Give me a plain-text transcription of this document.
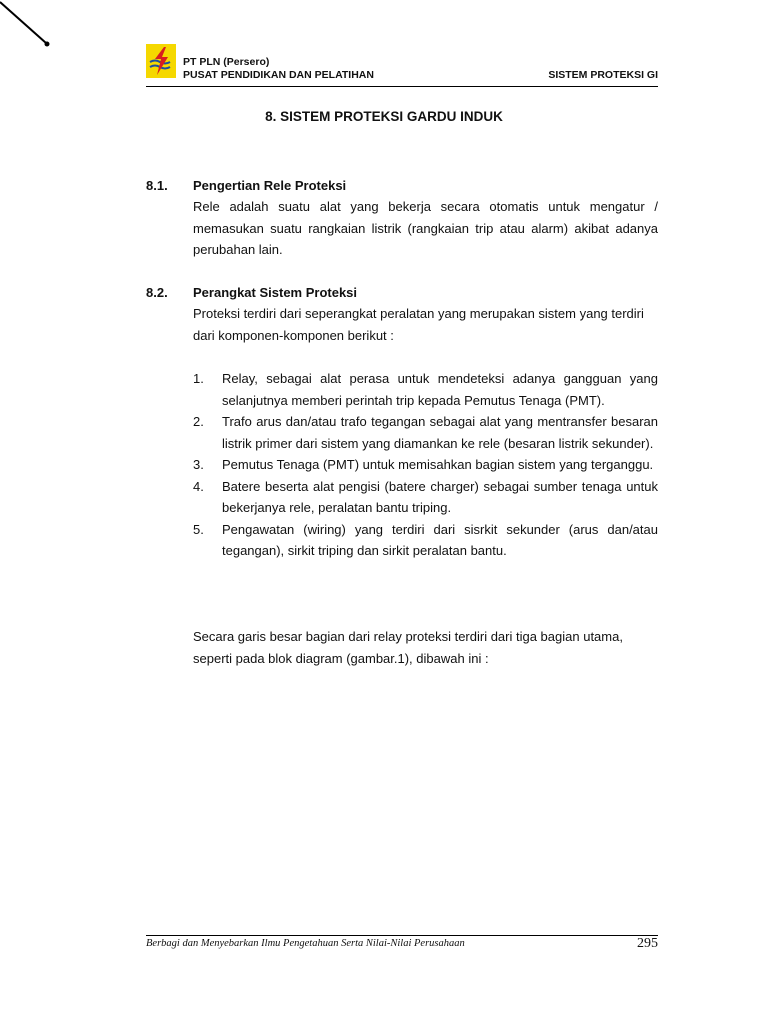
PT PLN (Persero)
PUSAT PENDIDIKAN DAN PELATIHAN	SISTEM PROTEKSI GI
8. SISTEM PROTEKSI GARDU INDUK
8.1. Pengertian Rele Proteksi
Rele adalah suatu alat yang bekerja secara otomatis untuk mengatur / memasukan suatu rangkaian listrik (rangkaian trip atau alarm) akibat adanya perubahan lain.
8.2. Perangkat Sistem Proteksi
Proteksi terdiri dari seperangkat peralatan yang merupakan sistem yang terdiri dari komponen-komponen berikut :
1. Relay, sebagai alat perasa untuk mendeteksi adanya gangguan yang selanjutnya memberi perintah trip kepada Pemutus Tenaga (PMT).
2. Trafo arus dan/atau trafo tegangan sebagai alat yang mentransfer besaran listrik primer dari sistem yang diamankan ke rele (besaran listrik sekunder).
3. Pemutus Tenaga (PMT) untuk memisahkan bagian sistem yang terganggu.
4. Batere beserta alat pengisi (batere charger) sebagai sumber tenaga untuk bekerjanya rele, peralatan bantu triping.
5. Pengawatan (wiring) yang terdiri dari sisrkit sekunder (arus dan/atau tegangan), sirkit triping dan sirkit peralatan bantu.
Secara garis besar bagian dari relay proteksi terdiri dari tiga bagian utama, seperti pada blok diagram (gambar.1), dibawah ini :
Berbagi dan Menyebarkan Ilmu Pengetahuan Serta Nilai-Nilai Perusahaan	295
